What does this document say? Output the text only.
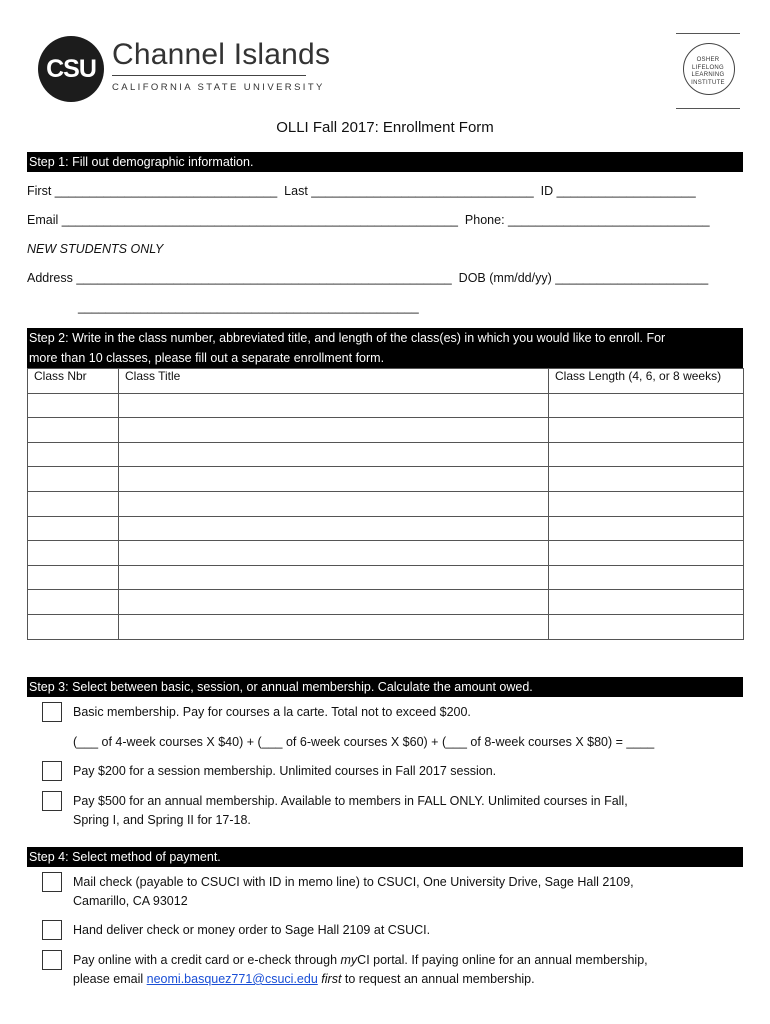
CSU Channel Islands
CALIFORNIA STATE UNIVERSITY
OSHER
LIFELONG
LEARNING
INSTITUTE
OLLI Fall 2017: Enrollment Form
Step 1: Fill out demographic information.
First ________________________________  Last ________________________________  ID ____________________
Email _________________________________________________________  Phone: _____________________________
NEW STUDENTS ONLY
Address ______________________________________________________  DOB (mm/dd/yy) ______________________
_________________________________________________
Step 2: Write in the class number, abbreviated title, and length of the class(es) in which you would like to enroll. For
more than 10 classes, please fill out a separate enrollment form.
Class Nbr	Class Title	Class Length (4, 6, or 8 weeks)

Step 3: Select between basic, session, or annual membership. Calculate the amount owed.
Basic membership. Pay for courses a la carte. Total not to exceed $200.
(___ of 4-week courses X $40) + (___ of 6-week courses X $60) + (___ of 8-week courses X $80) = ____
Pay $200 for a session membership. Unlimited courses in Fall 2017 session.
Pay $500 for an annual membership. Available to members in FALL ONLY. Unlimited courses in Fall,
Spring I, and Spring II for 17-18.
Step 4: Select method of payment.
Mail check (payable to CSUCI with ID in memo line) to CSUCI, One University Drive, Sage Hall 2109,
Camarillo, CA 93012
Hand deliver check or money order to Sage Hall 2109 at CSUCI.
Pay online with a credit card or e-check through myCI portal. If paying online for an annual membership,
please email neomi.basquez771@csuci.edu first to request an annual membership.
